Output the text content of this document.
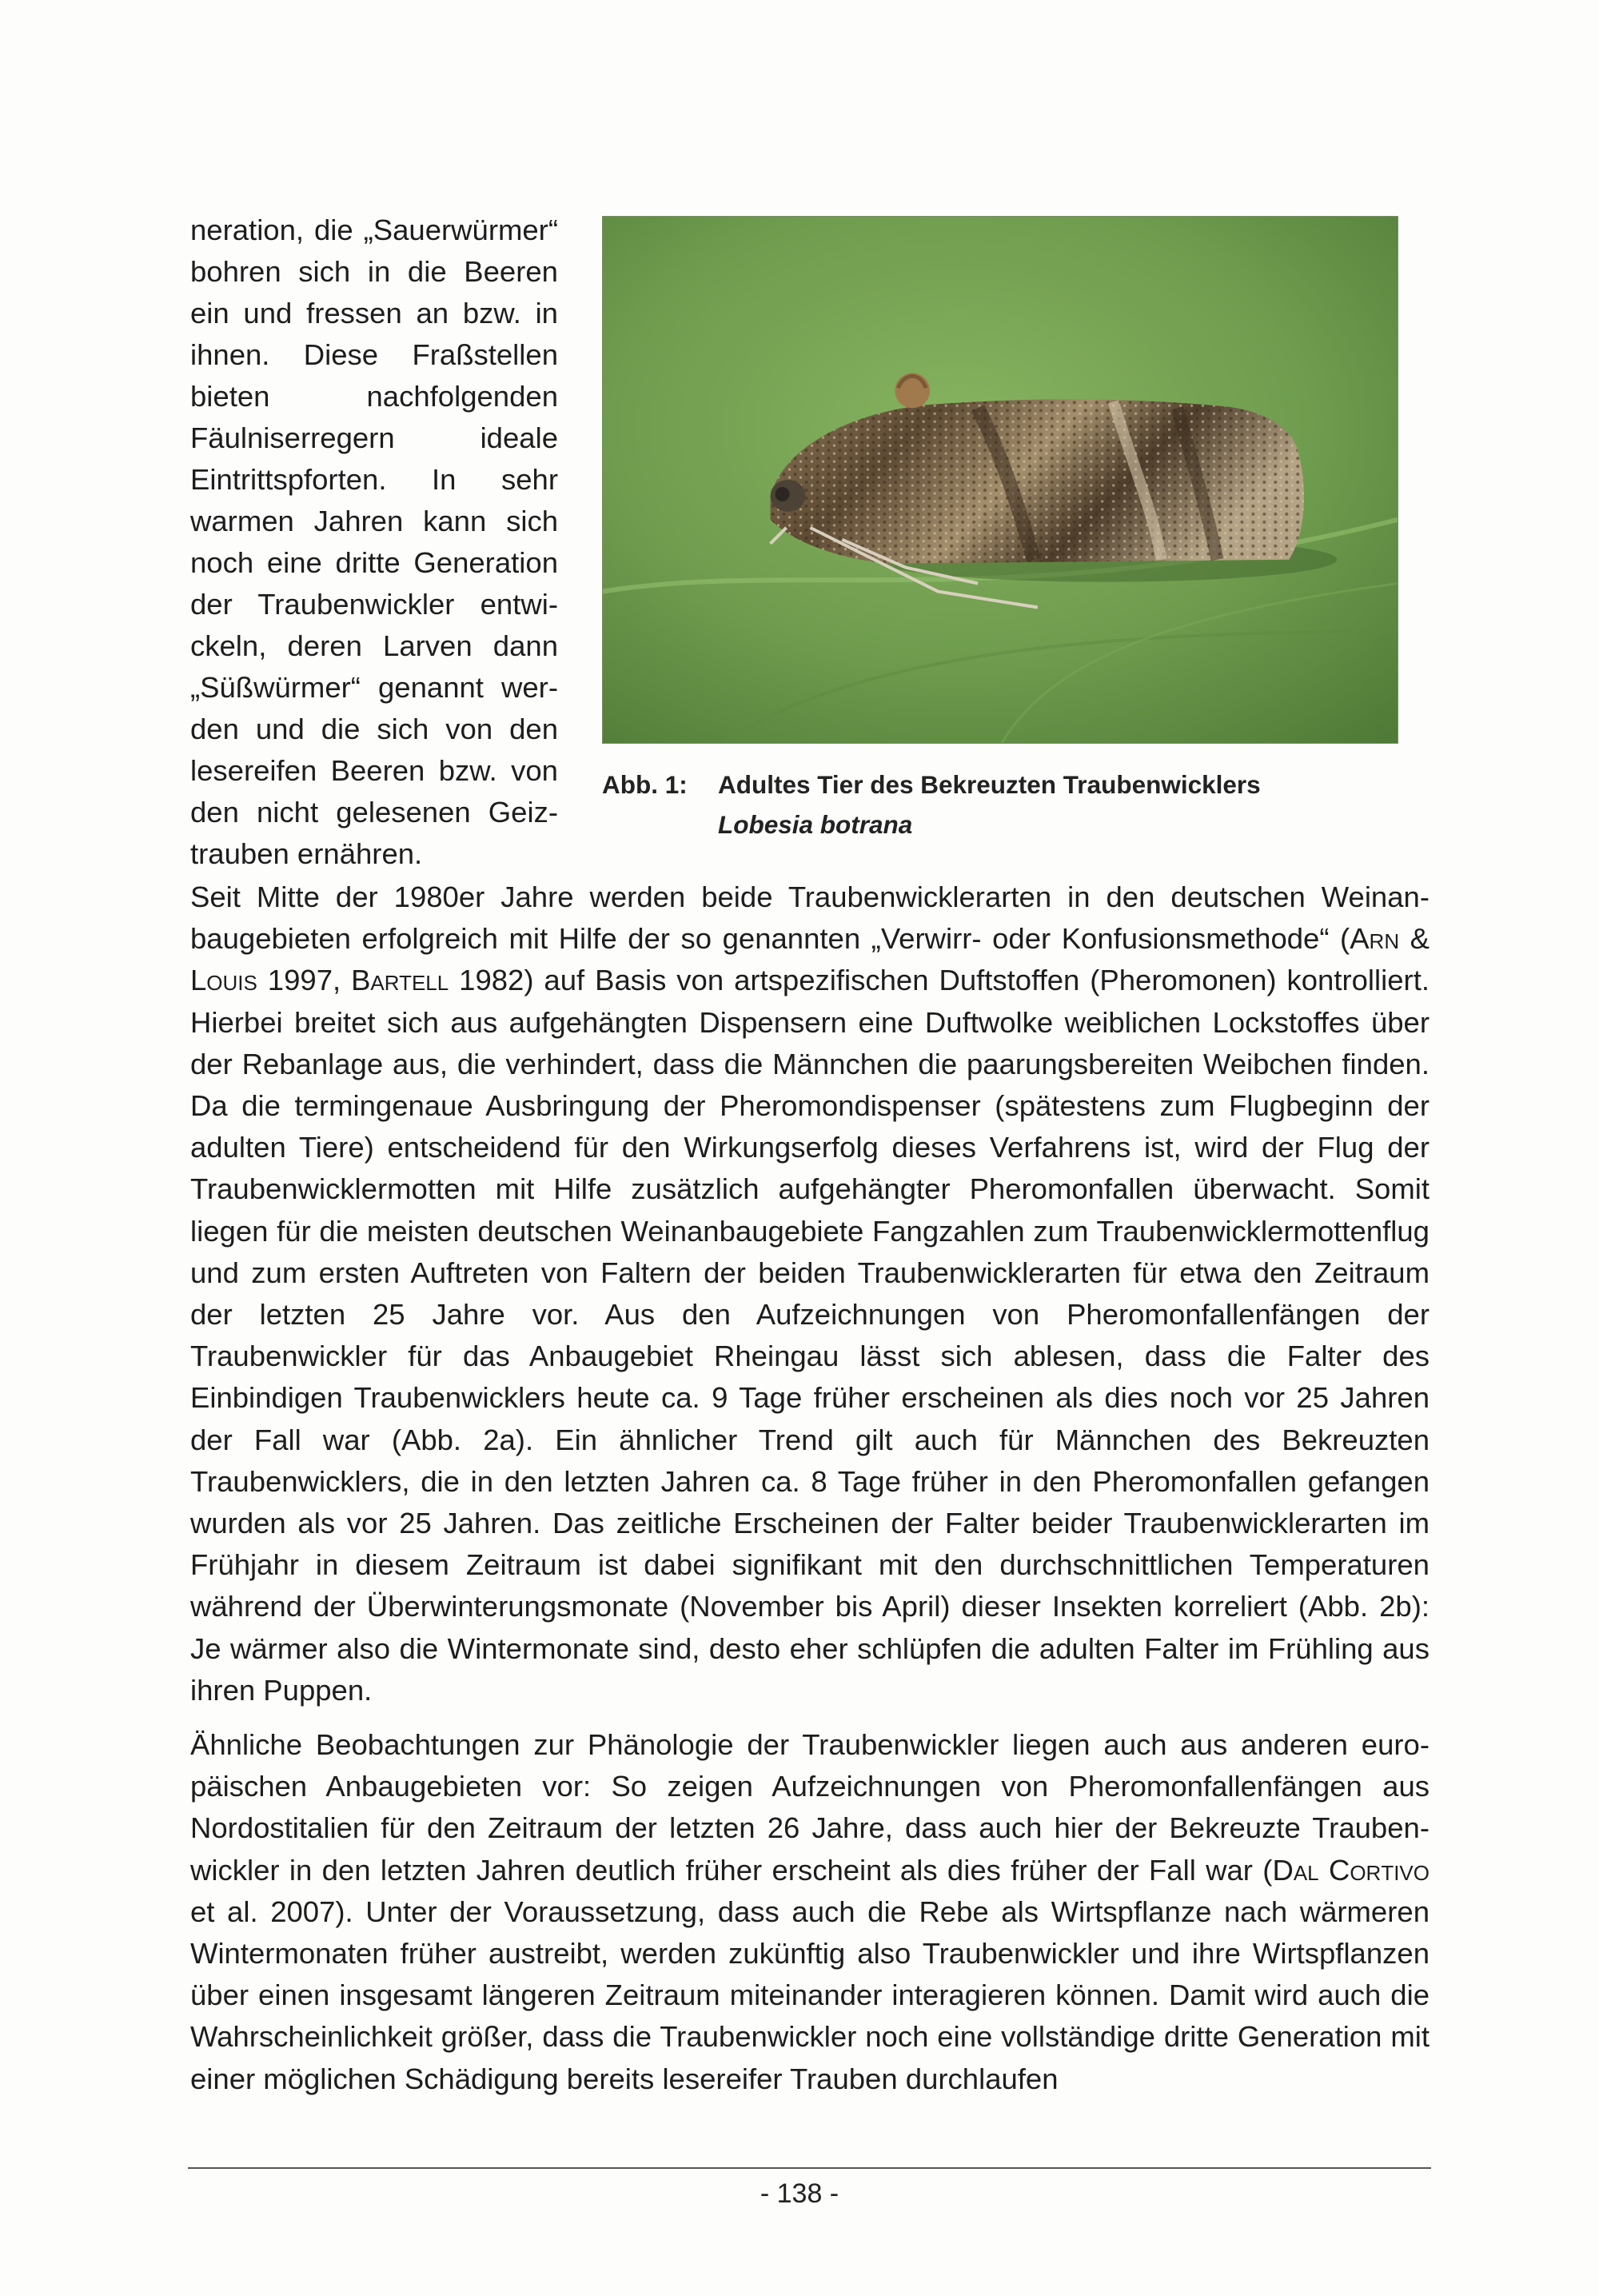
neration, die „Sauerwürmer“ bohren sich in die Beeren ein und fressen an bzw. in ihnen. Diese Fraßstellen bieten nachfolgenden Fäulniserregern ideale Eintrittspforten. In sehr warmen Jahren kann sich noch eine dritte Generation der Traubenwickler entwickeln, deren Larven dann „Süßwürmer“ genannt werden und die sich von den lesereifen Beeren bzw. von den nicht gelesenen Geiztrauben ernähren.
Abb. 1: Adultes Tier des Bekreuzten Traubenwicklers
Lobesia botrana
Seit Mitte der 1980er Jahre werden beide Traubenwicklerarten in den deutschen Weinanbaugebieten erfolgreich mit Hilfe der so genannten „Verwirr- oder Konfusionsmethode“ (Arn & Louis 1997, Bartell 1982) auf Basis von artspezifischen Duftstoffen (Pheromonen) kontrolliert. Hierbei breitet sich aus aufgehängten Dispensern eine Duftwolke weiblichen Lockstoffes über der Rebanlage aus, die verhindert, dass die Männchen die paarungsbereiten Weibchen finden. Da die termingenaue Ausbringung der Pheromondispenser (spätestens zum Flugbeginn der adulten Tiere) entscheidend für den Wirkungserfolg dieses Verfahrens ist, wird der Flug der Traubenwicklermotten mit Hilfe zusätzlich aufgehängter Pheromonfallen überwacht. Somit liegen für die meisten deutschen Weinanbaugebiete Fangzahlen zum Traubenwicklermottenflug und zum ersten Auftreten von Faltern der beiden Traubenwicklerarten für etwa den Zeitraum der letzten 25 Jahre vor. Aus den Aufzeichnungen von Pheromonfallenfängen der Traubenwickler für das Anbaugebiet Rheingau lässt sich ablesen, dass die Falter des Einbindigen Traubenwicklers heute ca. 9 Tage früher erscheinen als dies noch vor 25 Jahren der Fall war (Abb. 2a). Ein ähnlicher Trend gilt auch für Männchen des Bekreuzten Traubenwicklers, die in den letzten Jahren ca. 8 Tage früher in den Pheromonfallen gefangen wurden als vor 25 Jahren. Das zeitliche Erscheinen der Falter beider Traubenwicklerarten im Frühjahr in diesem Zeitraum ist dabei signifikant mit den durchschnittlichen Temperaturen während der Überwinterungsmonate (November bis April) dieser Insekten korreliert (Abb. 2b): Je wärmer also die Wintermonate sind, desto eher schlüpfen die adulten Falter im Frühling aus ihren Puppen.
Ähnliche Beobachtungen zur Phänologie der Traubenwickler liegen auch aus anderen europäischen Anbaugebieten vor: So zeigen Aufzeichnungen von Pheromonfallenfängen aus Nordostitalien für den Zeitraum der letzten 26 Jahre, dass auch hier der Bekreuzte Traubenwickler in den letzten Jahren deutlich früher erscheint als dies früher der Fall war (Dal Cortivo et al. 2007). Unter der Voraussetzung, dass auch die Rebe als Wirtspflanze nach wärmeren Wintermonaten früher austreibt, werden zukünftig also Traubenwickler und ihre Wirtspflanzen über einen insgesamt längeren Zeitraum miteinander interagieren können. Damit wird auch die Wahrscheinlichkeit größer, dass die Traubenwickler noch eine vollständige dritte Generation mit einer möglichen Schädigung bereits lesereifer Trauben durchlaufen
- 138 -
